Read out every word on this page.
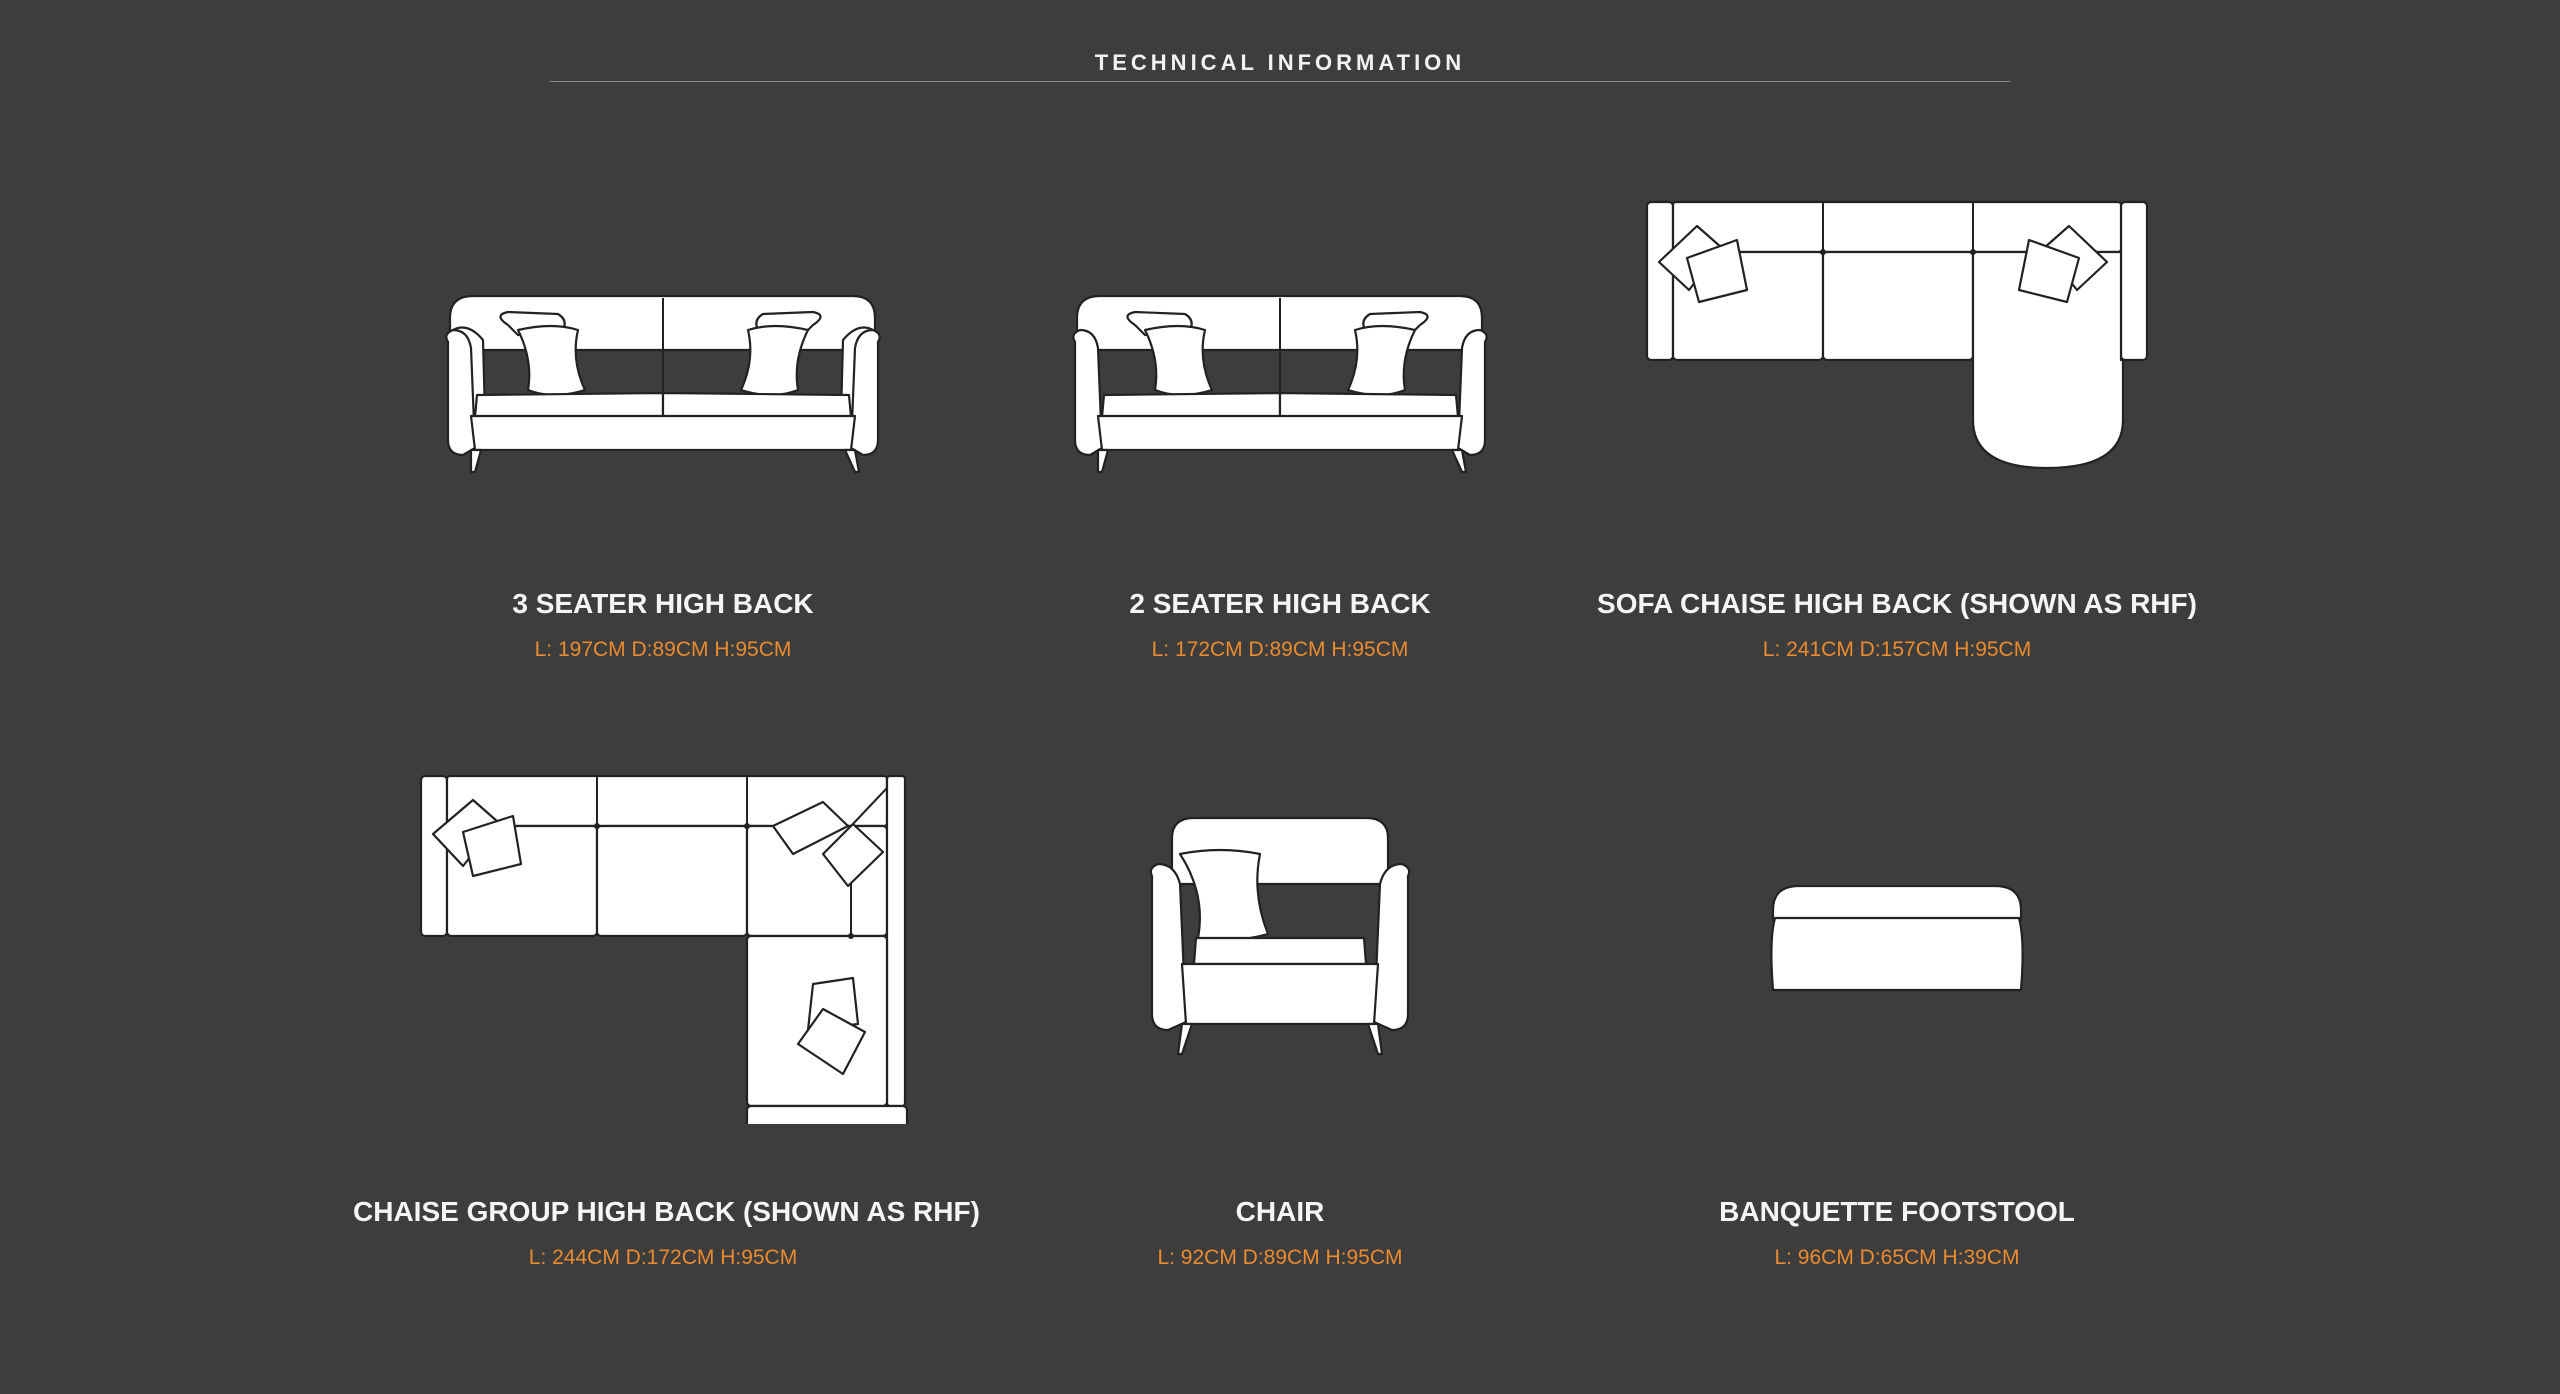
TECHNICAL INFORMATION
3 SEATER HIGH BACK
L: 197CM D:89CM H:95CM
2 SEATER HIGH BACK
L: 172CM D:89CM H:95CM
SOFA CHAISE HIGH BACK (SHOWN AS RHF)
L: 241CM D:157CM H:95CM
CHAISE GROUP HIGH BACK (SHOWN AS RHF)
L: 244CM D:172CM H:95CM
CHAIR
L: 92CM D:89CM H:95CM
BANQUETTE FOOTSTOOL
L: 96CM D:65CM H:39CM
